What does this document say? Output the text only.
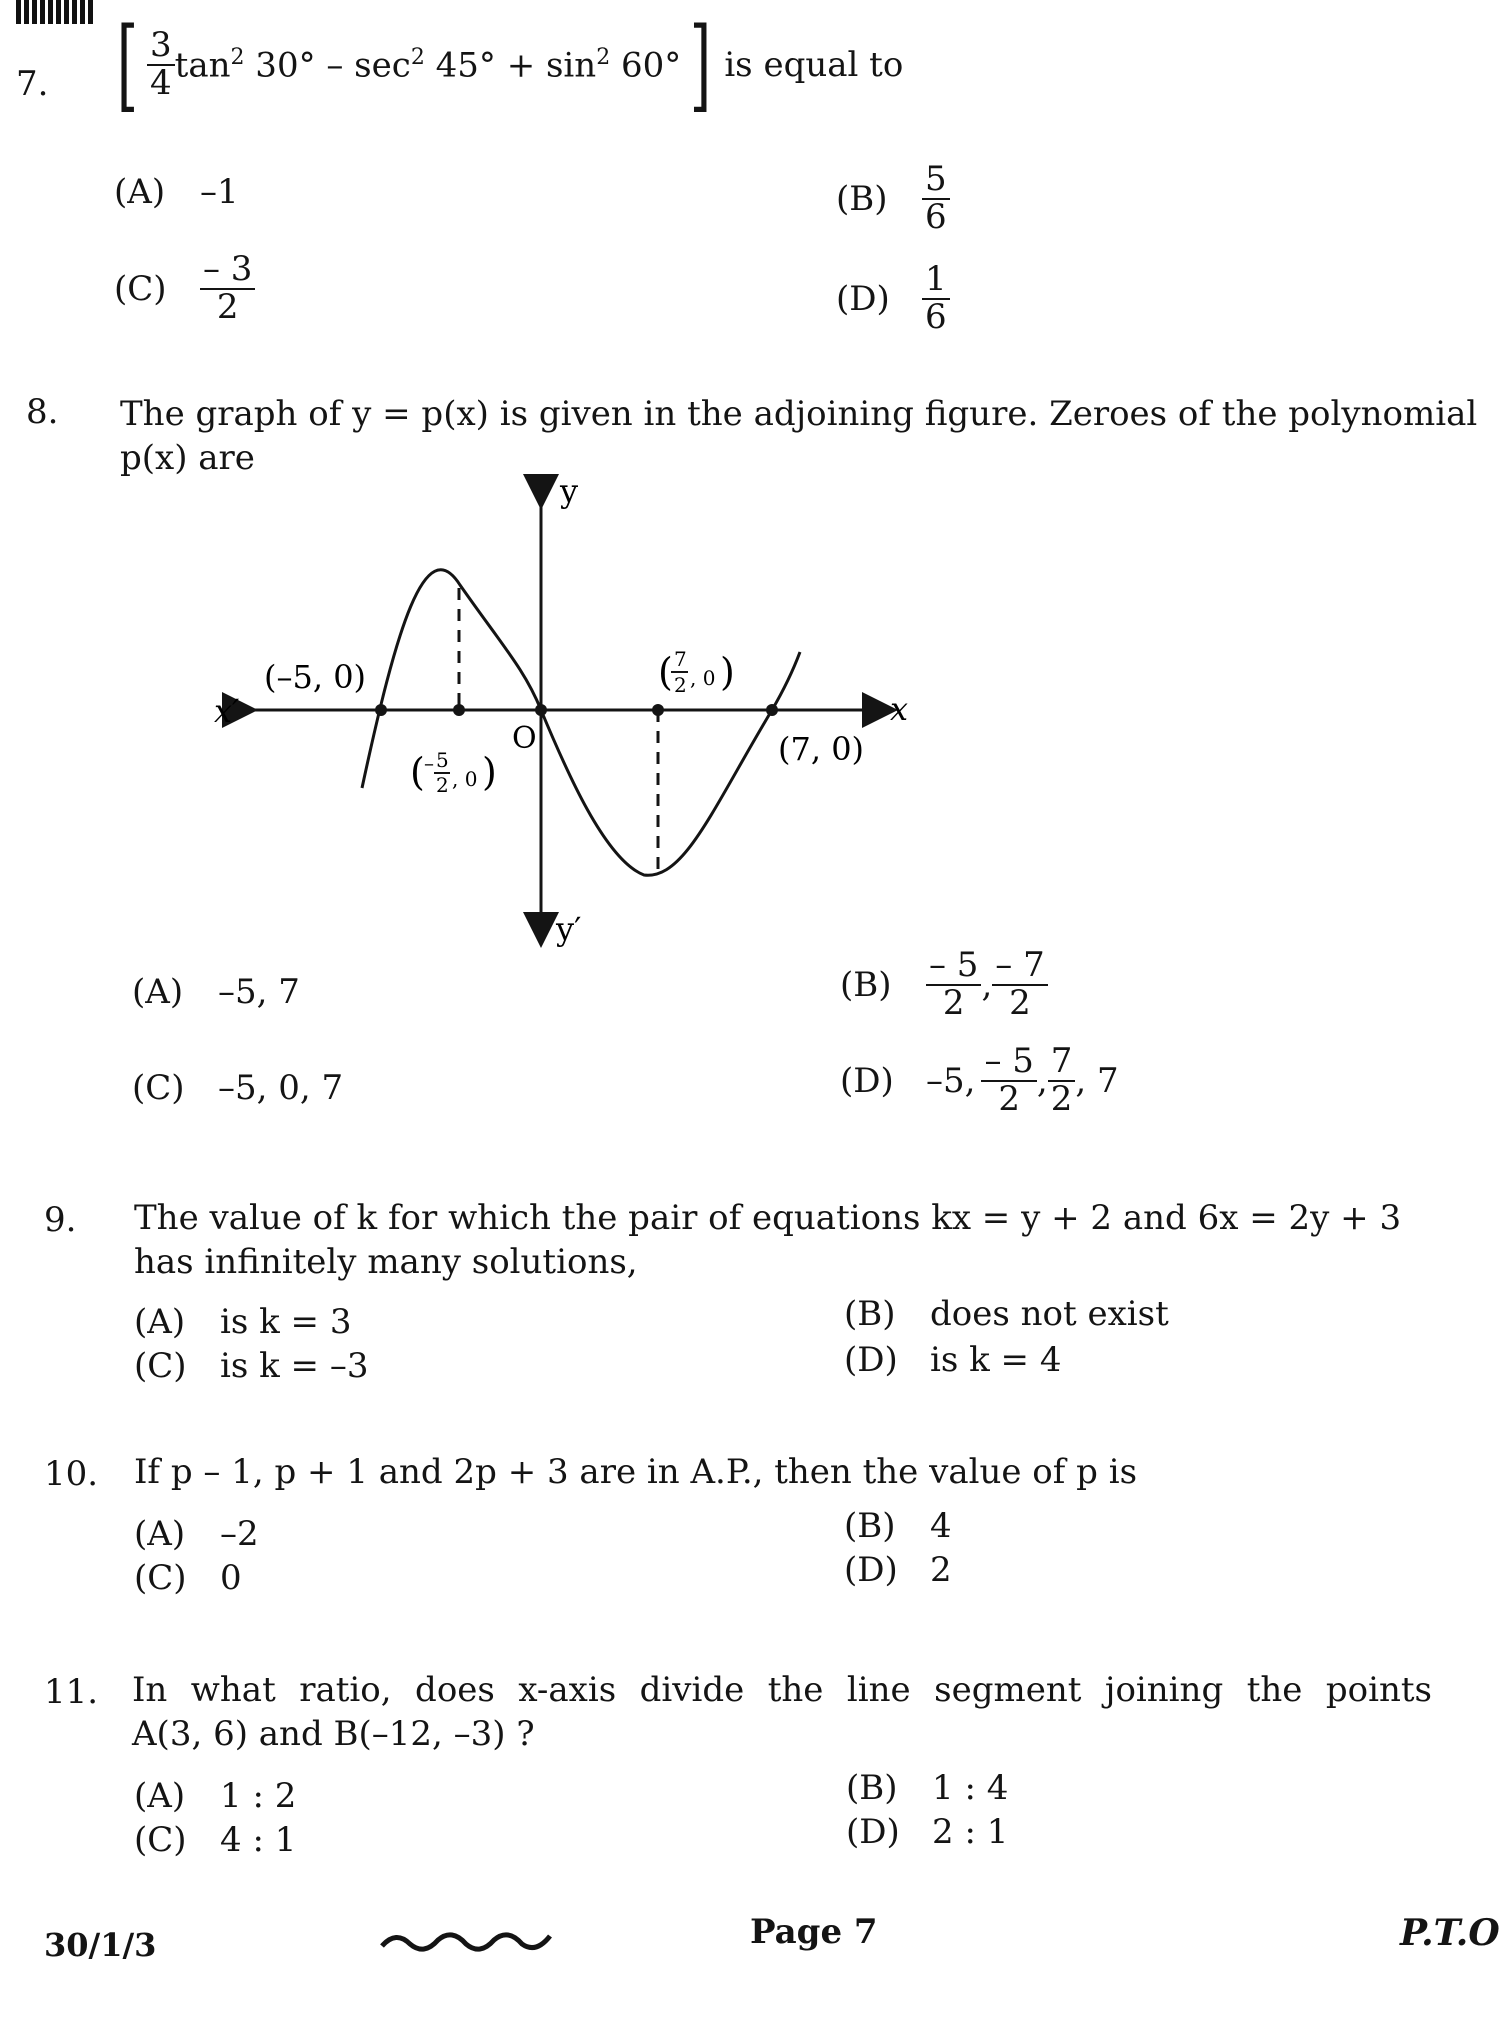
7. [ $\frac{3}{4} \tan^2 30^\circ - \sec^2 45^\circ + \sin^2 60^\circ$ ] is equal to
(A)	–1	(B)	$\frac{5}{6}$
$(C) \frac{- 3}{2}$	$(D) \frac{1}{6}$
8. The graph of y = p(x) is given in the adjoining figure. Zeroes of the polynomial
p(x) are
y
y′
x
x′
O
(–5, 0)
(7, 0)
( – 5
2 , 0 )
( 7
2 , 0 )
(A)	–5, 7	(B)	$\frac{- 5}{2}$ , $\frac{- 7}{2}$
(C) –5, 0, 7	(D) –5, $\frac{- 5}{2}$ , $\frac{7}{2}$ , 7
9. The value of k for which the pair of equations kx = y + 2 and 6x = 2y + 3
has infinitely many solutions,
(A)	is k = 3	(B)	does not exist
(C) is k = –3	(D) is k = 4
10. If p – 1, p + 1 and 2p + 3 are in A.P., then the value of p is
(A)	–2	(B)	4
(C) 0	(D) 2
11. In what ratio, does x-axis divide the line segment joining the points
A(3, 6) and B(–12, –3) ?
(A)	1 : 2	(B)	1 : 4
(C) 4 : 1	(D) 2 : 1
30/1/3	Page 7	P.T.O
